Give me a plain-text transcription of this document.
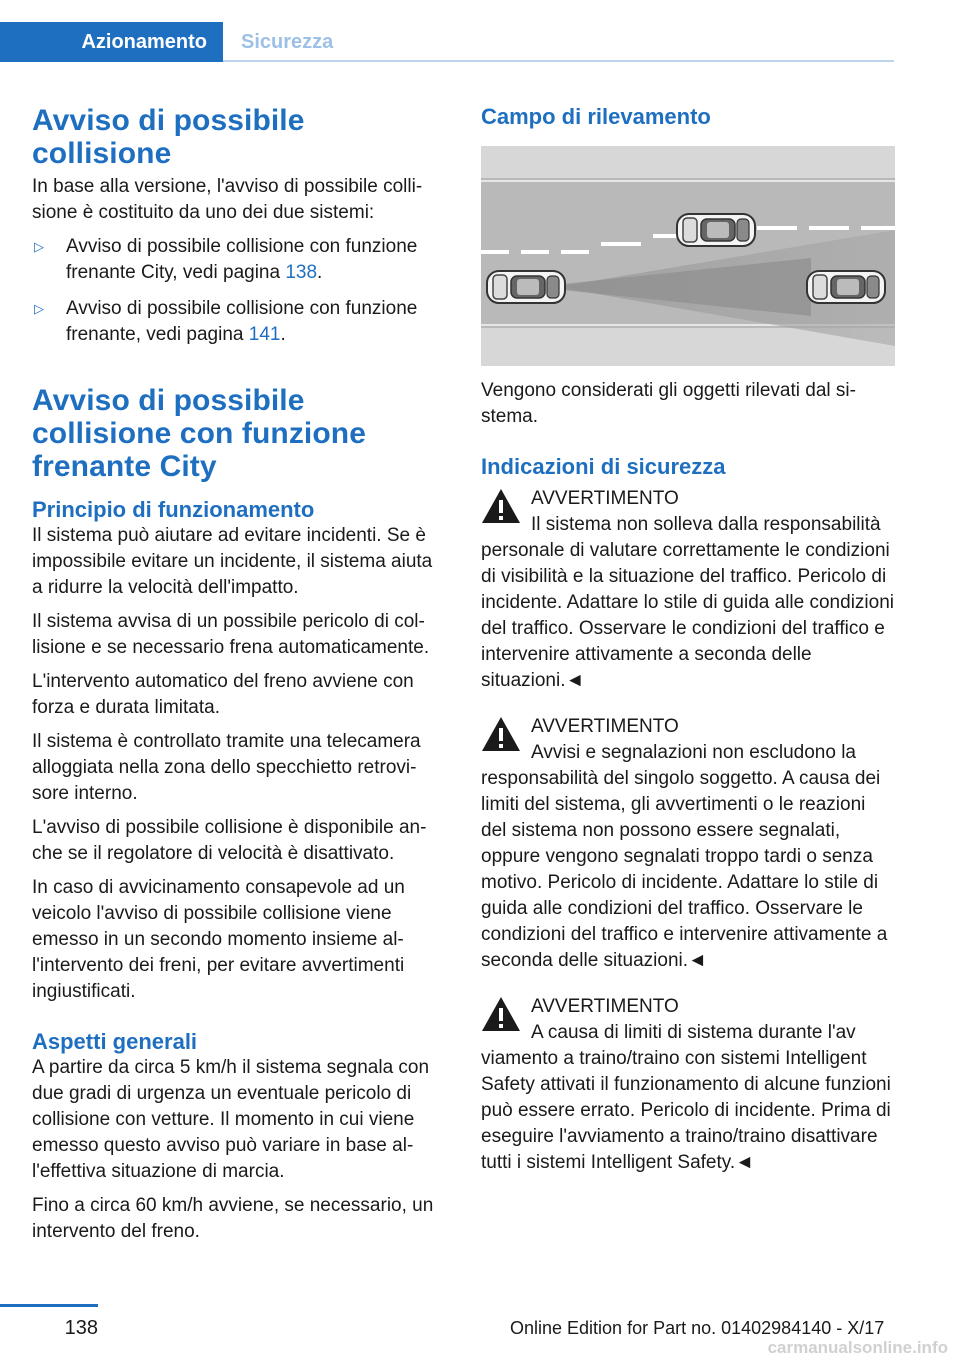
Azionamento	Sicurezza
Avviso di possibile collisione

In base alla versione, l'avviso di possibile collisione è costituito da uno dei due sistemi:

▷	Avviso di possibile collisione con funzione frenante City, vedi pagina 138.
▷	Avviso di possibile collisione con funzione frenante, vedi pagina 141.
Avviso di possibile collisione con funzione frenante City
Principio di funzionamento

Il sistema può aiutare ad evitare incidenti. Se è impossibile evitare un incidente, il sistema aiuta a ridurre la velocità dell'impatto.

Il sistema avvisa di un possibile pericolo di collisione e se necessario frena automaticamente.

L'intervento automatico del freno avviene con forza e durata limitata.

Il sistema è controllato tramite una telecamera alloggiata nella zona dello specchietto retrovisore interno.

L'avviso di possibile collisione è disponibile anche se il regolatore di velocità è disattivato.

In caso di avvicinamento consapevole ad un veicolo l'avviso di possibile collisione viene emesso in un secondo momento insieme all'intervento dei freni, per evitare avvertimenti ingiustificati.

Aspetti generali

A partire da circa 5 km/h il sistema segnala con due gradi di urgenza un eventuale pericolo di collisione con vetture. Il momento in cui viene emesso questo avviso può variare in base all'effettiva situazione di marcia.

Fino a circa 60 km/h avviene, se necessario, un intervento del freno.

Campo di rilevamento

Vengono considerati gli oggetti rilevati dal sistema.

Indicazioni di sicurezza
AVVERTIMENTO
Il sistema non solleva dalla responsabilità
personale di valutare correttamente le condizioni di visibilità e la situazione del traffico. Pericolo di incidente. Adattare lo stile di guida alle condizioni del traffico. Osservare le condizioni del traffico e intervenire attivamente a seconda delle situazioni.◄
AVVERTIMENTO
Avvisi e segnalazioni non escludono la
responsabilità del singolo soggetto. A causa dei limiti del sistema, gli avvertimenti o le reazioni del sistema non possono essere segnalati, oppure vengono segnalati troppo tardi o senza motivo. Pericolo di incidente. Adattare lo stile di guida alle condizioni del traffico. Osservare le condizioni del traffico e intervenire attivamente a seconda delle situazioni.◄
AVVERTIMENTO
A causa di limiti di sistema durante l'av
viamento a traino/traino con sistemi Intelligent Safety attivati il funzionamento di alcune funzioni può essere errato. Pericolo di incidente. Prima di eseguire l'avviamento a traino/traino disattivare tutti i sistemi Intelligent Safety.◄
138	Online Edition for Part no. 01402984140 - X/17
carmanualsonline.info
